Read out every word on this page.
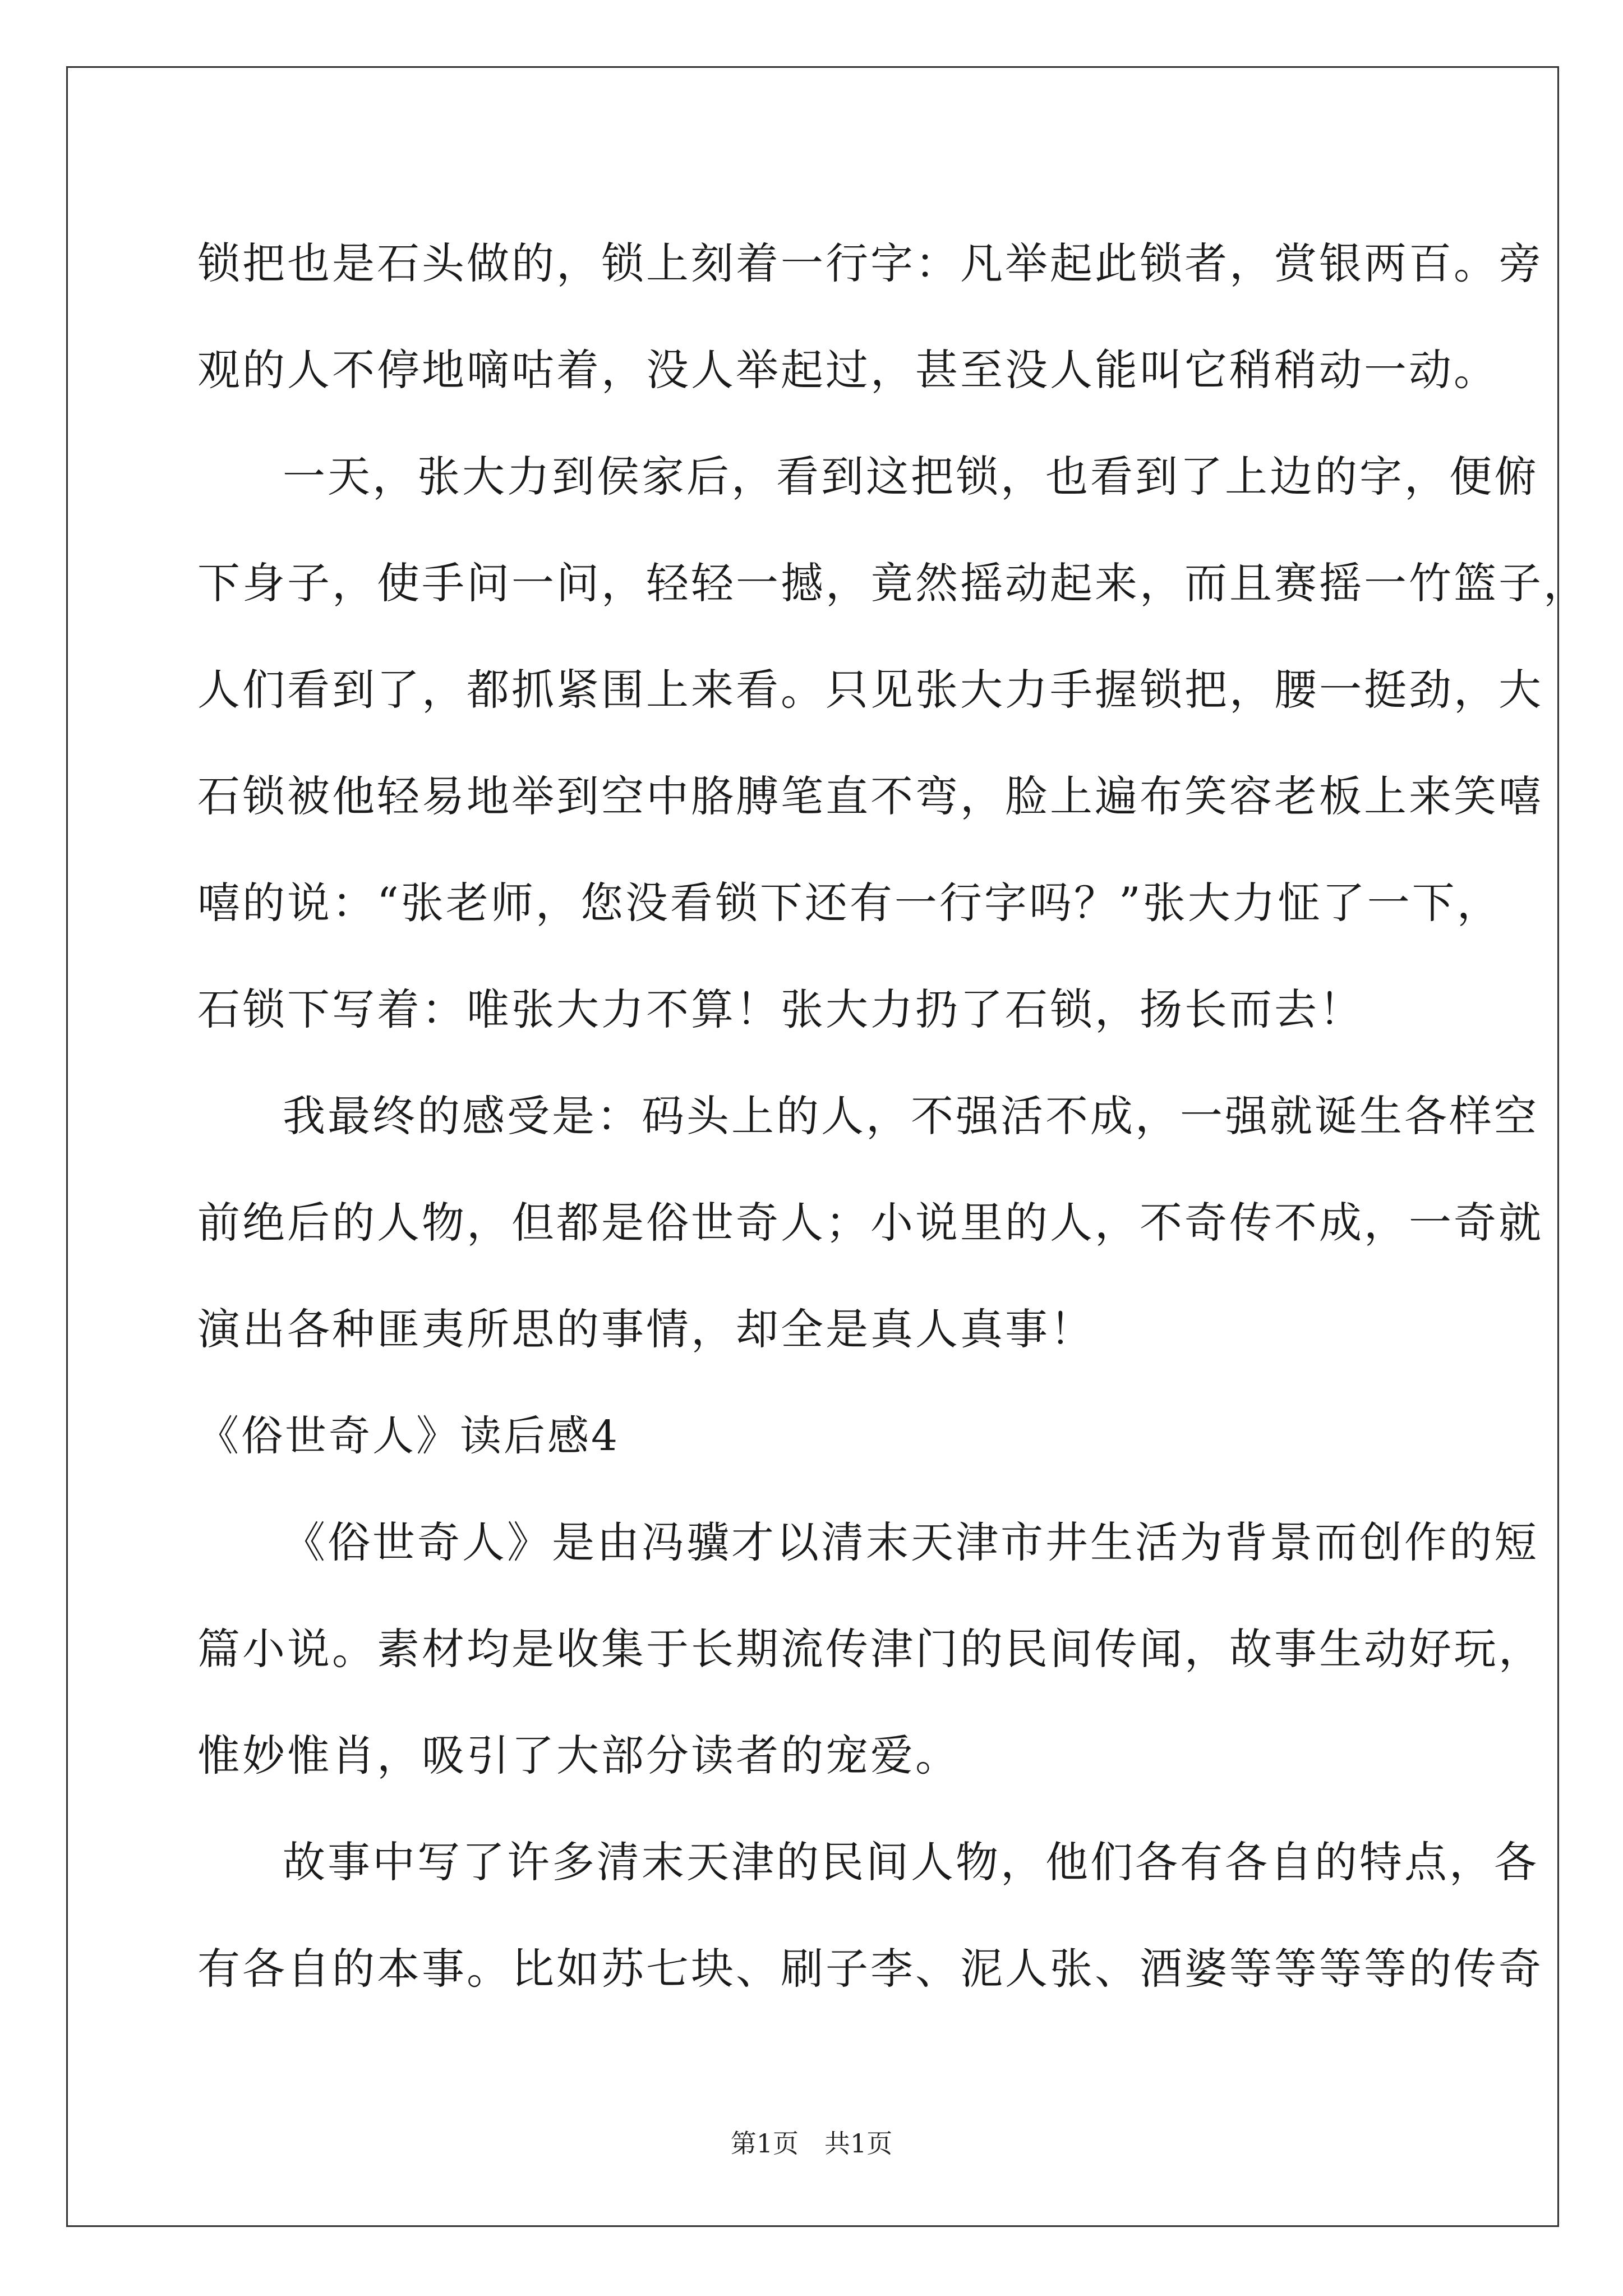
锁把也是石头做的，锁上刻着一行字：凡举起此锁者，赏银两百。旁
观的人不停地嘀咕着，没人举起过，甚至没人能叫它稍稍动一动。
一天，张大力到侯家后，看到这把锁，也看到了上边的字，便俯
下身子，使手问一问，轻轻一撼，竟然摇动起来，而且赛摇一竹篮子，
人们看到了，都抓紧围上来看。只见张大力手握锁把，腰一挺劲，大
石锁被他轻易地举到空中胳膊笔直不弯，脸上遍布笑容老板上来笑嘻
嘻的说：“张老师，您没看锁下还有一行字吗？”张大力怔了一下，
石锁下写着：唯张大力不算！张大力扔了石锁，扬长而去！
我最终的感受是：码头上的人，不强活不成，一强就诞生各样空
前绝后的人物，但都是俗世奇人；小说里的人，不奇传不成，一奇就
演出各种匪夷所思的事情，却全是真人真事！
《俗世奇人》读后感4
《俗世奇人》是由冯骥才以清末天津市井生活为背景而创作的短
篇小说。素材均是收集于长期流传津门的民间传闻，故事生动好玩，
惟妙惟肖，吸引了大部分读者的宠爱。
故事中写了许多清末天津的民间人物，他们各有各自的特点，各
有各自的本事。比如苏七块、刷子李、泥人张、酒婆等等等等的传奇
第1页　共1页
